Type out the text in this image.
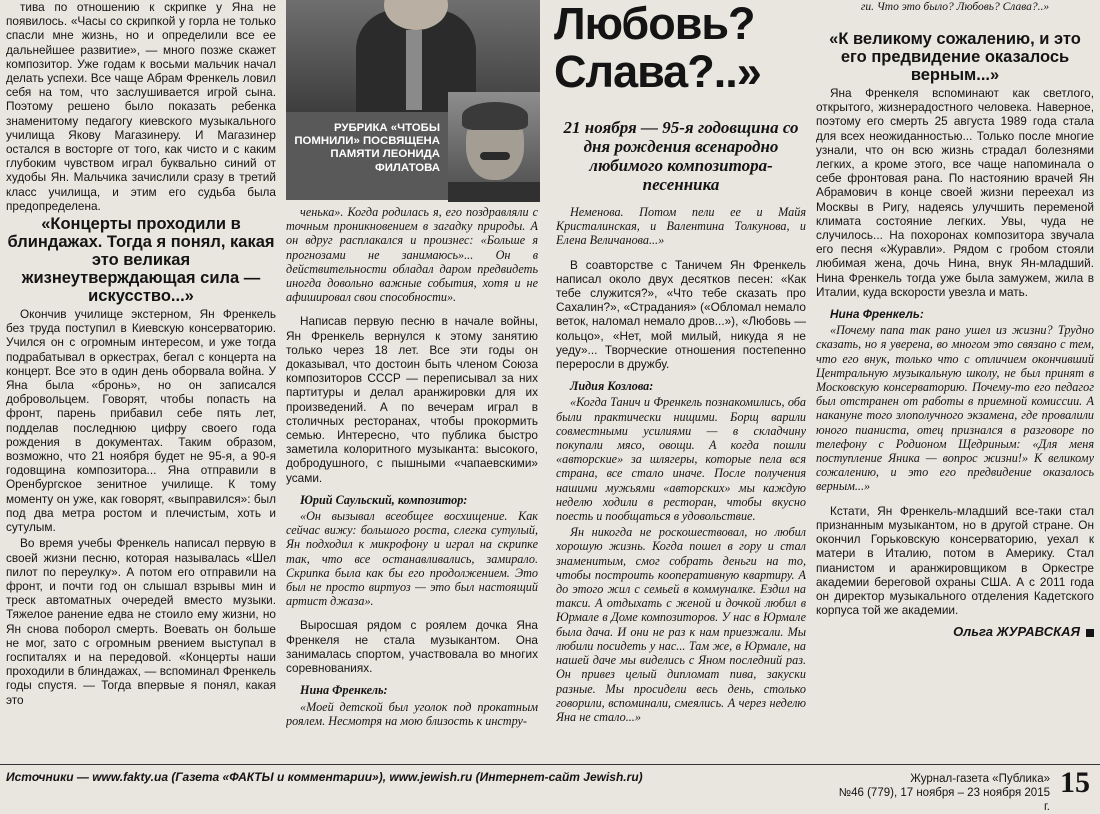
тива по отношению к скрипке у Яна не появилось. «Часы со скрипкой у горла не только спасли мне жизнь, но и определили все ее дальнейшее развитие», — много позже скажет композитор. Уже годам к восьми мальчик начал делать успехи. Все чаще Абрам Френкель ловил себя на том, что заслушивается игрой сына. Поэтому решено было показать ребенка знаменитому педагогу киевского музыкального училища Якову Магазинеру. И Магазинер остался в восторге от того, как чисто и с каким глубоким чувством играл буквально синий от худобы Ян. Мальчика зачислили сразу в третий класс училища, и этим его судьба была предопределена.

«Концерты проходили в блиндажах. Тогда я понял, какая это великая жизнеутверждающая сила — искусство...»

Окончив училище экстерном, Ян Френкель без труда поступил в Киевскую консерваторию. Учился он с огромным интересом, и уже тогда подрабатывал в оркестрах, бегал с концерта на концерт. Все это в один день оборвала война. У Яна была «бронь», но он записался добровольцем. Говорят, чтобы попасть на фронт, парень прибавил себе пять лет, подделав последнюю цифру своего года рождения в документах. Таким образом, возможно, что 21 ноября будет не 95-я, а 90-я годовщина композитора... Яна отправили в Оренбургское зенитное училище. К тому моменту он уже, как говорят, «выправился»: был под два метра ростом и плечистым, хоть и сутулым.

Во время учебы Френкель написал первую в своей жизни песню, которая называлась «Шел пилот по переулку». А потом его отправили на фронт, и почти год он слышал взрывы мин и треск автоматных очередей вместо музыки. Тяжелое ранение едва не стоило ему жизни, но Ян снова поборол смерть. Воевать он больше не мог, зато с огромным рвением выступал в госпиталях и на передовой. «Концерты наши проходили в блиндажах, — вспоминал Френкель годы спустя. — Тогда впервые я понял, какая это

РУБРИКА «ЧТОБЫ ПОМНИЛИ» ПОСВЯЩЕНА ПАМЯТИ ЛЕОНИДА ФИЛАТОВА

ченька». Когда родилась я, его поздравляли с точным проникновением в загадку природы. А он вдруг расплакался и произнес: «Больше я прогнозами не занимаюсь»... Он в действительности обладал даром предвидеть иногда довольно важные события, хотя и не афишировал свои способности».

Написав первую песню в начале войны, Ян Френкель вернулся к этому занятию только через 18 лет. Все эти годы он доказывал, что достоин быть членом Союза композиторов СССР — переписывал за них партитуры и делал аранжировки для их произведений. А по вечерам играл в столичных ресторанах, чтобы прокормить семью. Интересно, что публика быстро заметила колоритного музыканта: высокого, добродушного, с пышными «чапаевскими» усами.

Юрий Саульский, композитор:

«Он вызывал всеобщее восхищение. Как сейчас вижу: большого роста, слегка сутулый, Ян подходил к микрофону и играл на скрипке так, что все останавливались, замирало. Скрипка была как бы его продолжением. Это был не просто виртуоз — это был настоящий артист джаза».

Выросшая рядом с роялем дочка Яна Френкеля не стала музыкантом. Она занималась спортом, участвовала во многих соревнованиях.

Нина Френкель:

«Моей детской был уголок под прокатным роялем. Несмотря на мою близость к инстру-

Любовь?
Слава?..»
21 ноября — 95-я годовщина со дня рождения всенародно любимого композитора-песенника

Неменова. Потом пели ее и Майя Кристалинская, и Валентина Толкунова, и Елена Величанова...»

В соавторстве с Таничем Ян Френкель написал около двух десятков песен: «Как тебе служится?», «Что тебе сказать про Сахалин?», «Страдания» («Обломал немало веток, наломал немало дров...»), «Любовь — кольцо», «Нет, мой милый, никуда я не уеду»... Творческие отношения постепенно переросли в дружбу.

Лидия Козлова:

«Когда Танич и Френкель познакомились, оба были практически нищими. Борщ варили совместными усилиями — в складчину покупали мясо, овощи. А когда пошли «авторские» за шлягеры, которые пела вся страна, все стало иначе. После получения нашими мужьями «авторских» мы каждую неделю ходили в ресторан, чтобы вкусно поесть и пообщаться в удовольствие.

Ян никогда не роскошествовал, но любил хорошую жизнь. Когда пошел в гору и стал знаменитым, смог собрать деньги на то, чтобы построить кооперативную квартиру. А до этого жил с семьей в коммуналке. Ездил на такси. А отдыхать с женой и дочкой любил в Юрмале в Доме композиторов. У нас в Юрмале была дача. И они не раз к нам приезжали. Мы любили посидеть у нас... Там же, в Юрмале, на нашей даче мы виделись с Яном последний раз. Он привез целый дипломат пива, закуски разные. Мы просидели весь день, столько говорили, вспоминали, смеялись. А через неделю Яна не стало...»

ги. Что это было? Любовь? Слава?..»

«К великому сожалению, и это его предвидение оказалось верным...»

Яна Френкеля вспоминают как светлого, открытого, жизнерадостного человека. Наверное, поэтому его смерть 25 августа 1989 года стала для всех неожиданностью... Только после многие узнали, что он всю жизнь страдал болезнями легких, а кроме этого, все чаще напоминала о себе фронтовая рана. По настоянию врачей Ян Абрамович в конце своей жизни переехал из Москвы в Ригу, надеясь улучшить переменой климата состояние легких. Увы, чуда не случилось... На похоронах композитора звучала его песня «Журавли». Рядом с гробом стояли любимая жена, дочь Нина, внук Ян-младший. Нина Френкель тогда уже была замужем, жила в Италии, куда вскорости увезла и мать.

Нина Френкель:

«Почему папа так рано ушел из жизни? Трудно сказать, но я уверена, во многом это связано с тем, что его внук, только что с отличием окончивший Центральную музыкальную школу, не был принят в Московскую консерваторию. Почему-то его педагог был отстранен от работы в приемной комиссии. А накануне того злополучного экзамена, где провалили юного пианиста, отец признался в разговоре по телефону с Родионом Щедриным: «Для меня поступление Яника — вопрос жизни!» К великому сожалению, и это его предвидение оказалось верным...»

Кстати, Ян Френкель-младший все-таки стал признанным музыкантом, но в другой стране. Он окончил Горьковскую консерваторию, уехал к матери в Италию, потом в Америку. Стал пианистом и аранжировщиком в Оркестре академии береговой охраны США. А с 2011 года он директор музыкального отделения Кадетского корпуса той же академии.

Ольга ЖУРАВСКАЯ

Источники — www.fakty.ua (Газета «ФАКТЫ и комментарии»), www.jewish.ru (Интернет-сайт Jewish.ru)	Журнал-газета «Публика»
№46 (779), 17 ноября – 23 ноября 2015 г.
15
